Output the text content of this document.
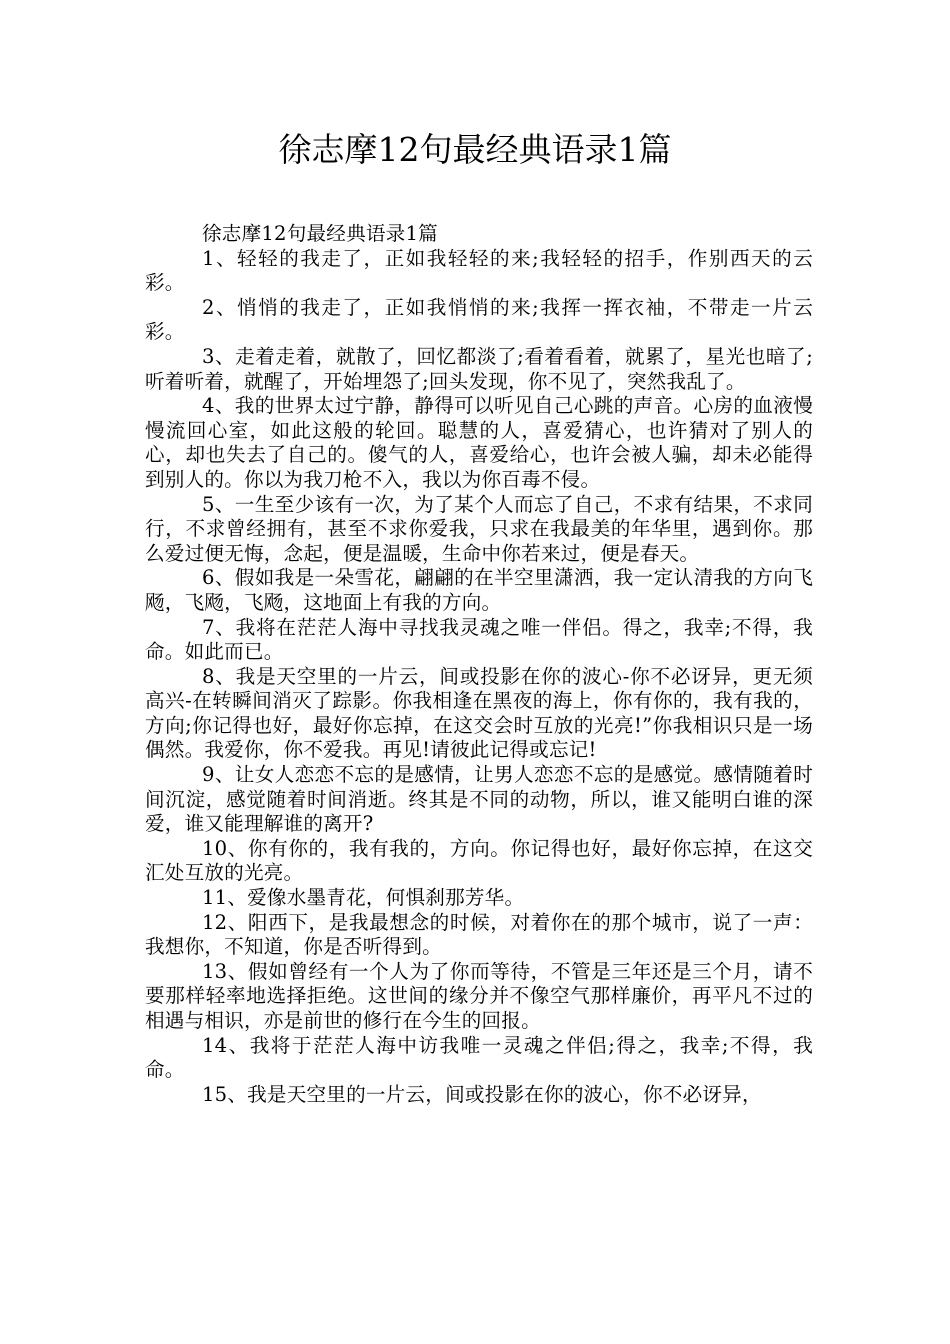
徐志摩12句最经典语录1篇

徐志摩12句最经典语录1篇

1、轻轻的我走了，正如我轻轻的来;我轻轻的招手，作别西天的云彩。

2、悄悄的我走了，正如我悄悄的来;我挥一挥衣袖，不带走一片云彩。

3、走着走着，就散了，回忆都淡了;看着看着，就累了，星光也暗了;听着听着，就醒了，开始埋怨了;回头发现，你不见了，突然我乱了。

4、我的世界太过宁静，静得可以听见自己心跳的声音。心房的血液慢慢流回心室，如此这般的轮回。聪慧的人，喜爱猜心，也许猜对了别人的心，却也失去了自己的。傻气的人，喜爱给心，也许会被人骗，却未必能得到别人的。你以为我刀枪不入，我以为你百毒不侵。

5、一生至少该有一次，为了某个人而忘了自己，不求有结果，不求同行，不求曾经拥有，甚至不求你爱我，只求在我最美的年华里，遇到你。那么爱过便无悔，念起，便是温暖，生命中你若来过，便是春天。

6、假如我是一朵雪花，翩翩的在半空里潇洒，我一定认清我的方向飞飏，飞飏，飞飏，这地面上有我的方向。

7、我将在茫茫人海中寻找我灵魂之唯一伴侣。得之，我幸;不得，我命。如此而已。

8、我是天空里的一片云，间或投影在你的波心-你不必讶异，更无须高兴-在转瞬间消灭了踪影。你我相逢在黑夜的海上，你有你的，我有我的，方向;你记得也好，最好你忘掉，在这交会时互放的光亮!”你我相识只是一场偶然。我爱你，你不爱我。再见!请彼此记得或忘记!

9、让女人恋恋不忘的是感情，让男人恋恋不忘的是感觉。感情随着时间沉淀，感觉随着时间消逝。终其是不同的动物，所以，谁又能明白谁的深爱，谁又能理解谁的离开?

10、你有你的，我有我的，方向。你记得也好，最好你忘掉，在这交汇处互放的光亮。

11、爱像水墨青花，何惧刹那芳华。

12、阳西下，是我最想念的时候，对着你在的那个城市，说了一声：我想你，不知道，你是否听得到。

13、假如曾经有一个人为了你而等待，不管是三年还是三个月，请不要那样轻率地选择拒绝。这世间的缘分并不像空气那样廉价，再平凡不过的相遇与相识，亦是前世的修行在今生的回报。

14、我将于茫茫人海中访我唯一灵魂之伴侣;得之，我幸;不得，我命。

15、我是天空里的一片云，间或投影在你的波心，你不必讶异，
